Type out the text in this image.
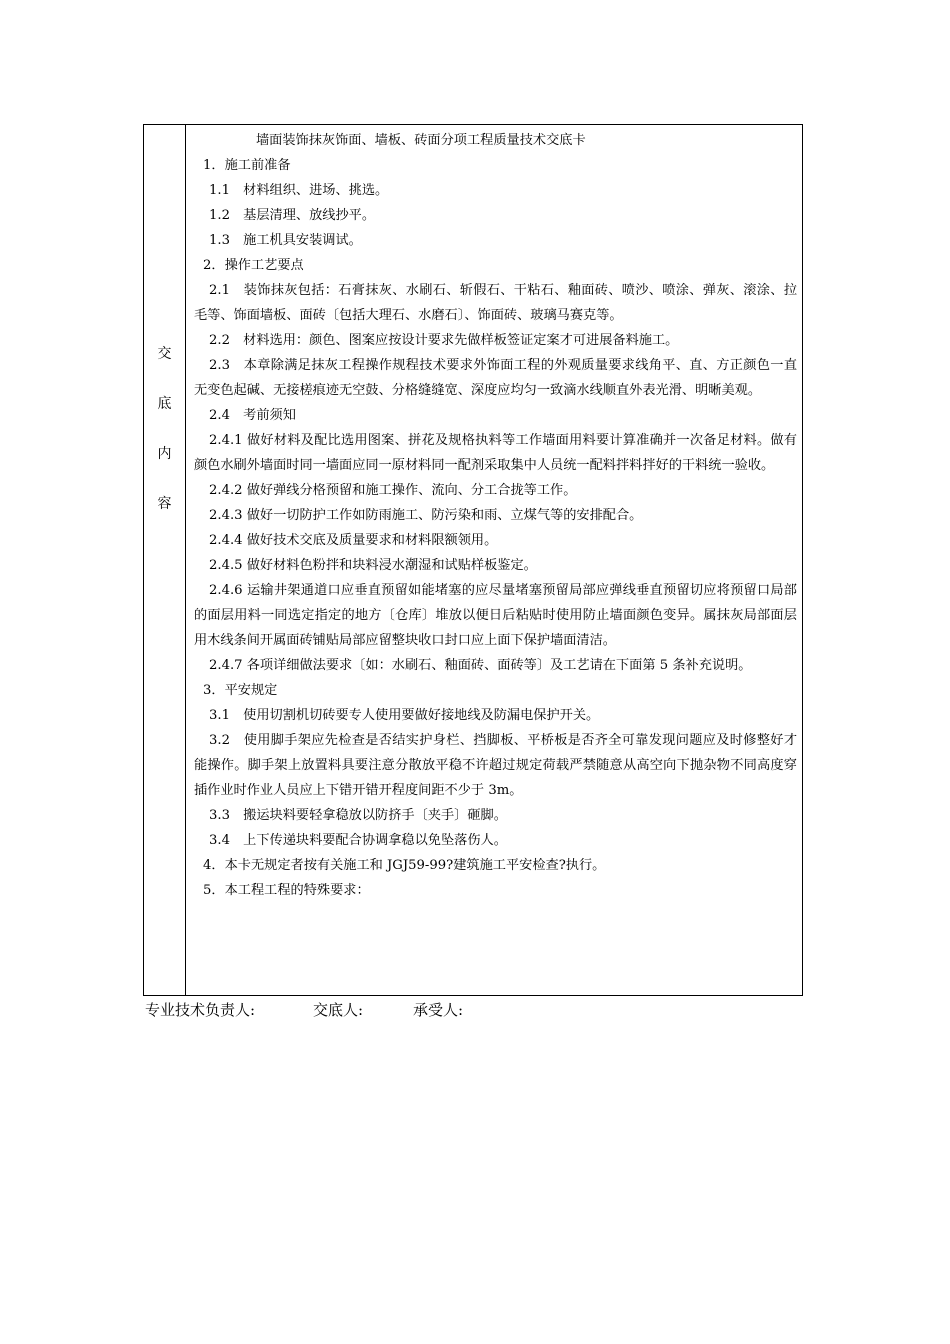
交
底
内
容
墙面装饰抹灰饰面、墙板、砖面分项工程质量技术交底卡
1．施工前准备
1.1　材料组织、进场、挑选。
1.2　基层清理、放线抄平。
1.3　施工机具安装调试。
2．操作工艺要点
2.1　装饰抹灰包括：石膏抹灰、水刷石、斩假石、干粘石、釉面砖、喷沙、喷涂、弹灰、滚涂、拉毛等、饰面墙板、面砖〔包括大理石、水磨石〕、饰面砖、玻璃马赛克等。
2.2　材料选用：颜色、图案应按设计要求先做样板签证定案才可进展备料施工。
2.3　本章除满足抹灰工程操作规程技术要求外饰面工程的外观质量要求线角平、直、方正颜色一直无变色起碱、无接槎痕迹无空鼓、分格缝缝宽、深度应均匀一致滴水线顺直外表光滑、明晰美观。
2.4　考前须知
2.4.1 做好材料及配比选用图案、拼花及规格执料等工作墙面用料要计算准确并一次备足材料。做有颜色水刷外墙面时同一墙面应同一原材料同一配剂采取集中人员统一配料拌料拌好的干料统一验收。
2.4.2 做好弹线分格预留和施工操作、流向、分工合拢等工作。
2.4.3 做好一切防护工作如防雨施工、防污染和雨、立煤气等的安排配合。
2.4.4 做好技术交底及质量要求和材料限额领用。
2.4.5 做好材料色粉拌和块料浸水潮湿和试贴样板鉴定。
2.4.6 运输井架通道口应垂直预留如能堵塞的应尽量堵塞预留局部应弹线垂直预留切应将预留口局部的面层用料一同选定指定的地方〔仓库〕堆放以便日后粘贴时使用防止墙面颜色变异。属抹灰局部面层用木线条间开属面砖铺贴局部应留整块收口封口应上面下保护墙面清洁。
2.4.7 各项详细做法要求〔如：水刷石、釉面砖、面砖等〕及工艺请在下面第 5 条补充说明。
3．平安规定
3.1　使用切割机切砖要专人使用要做好接地线及防漏电保护开关。
3.2　使用脚手架应先检查是否结实护身栏、挡脚板、平桥板是否齐全可靠发现问题应及时修整好才能操作。脚手架上放置料具要注意分散放平稳不许超过规定荷载严禁随意从高空向下抛杂物不同高度穿插作业时作业人员应上下错开错开程度间距不少于 3m。
3.3　搬运块料要轻拿稳放以防挤手〔夹手〕砸脚。
3.4　上下传递块料要配合协调拿稳以免坠落伤人。
4．本卡无规定者按有关施工和 JGJ59-99?建筑施工平安检查?执行。
5．本工程工程的特殊要求：
专业技术负责人:	交底人:	承受人:
